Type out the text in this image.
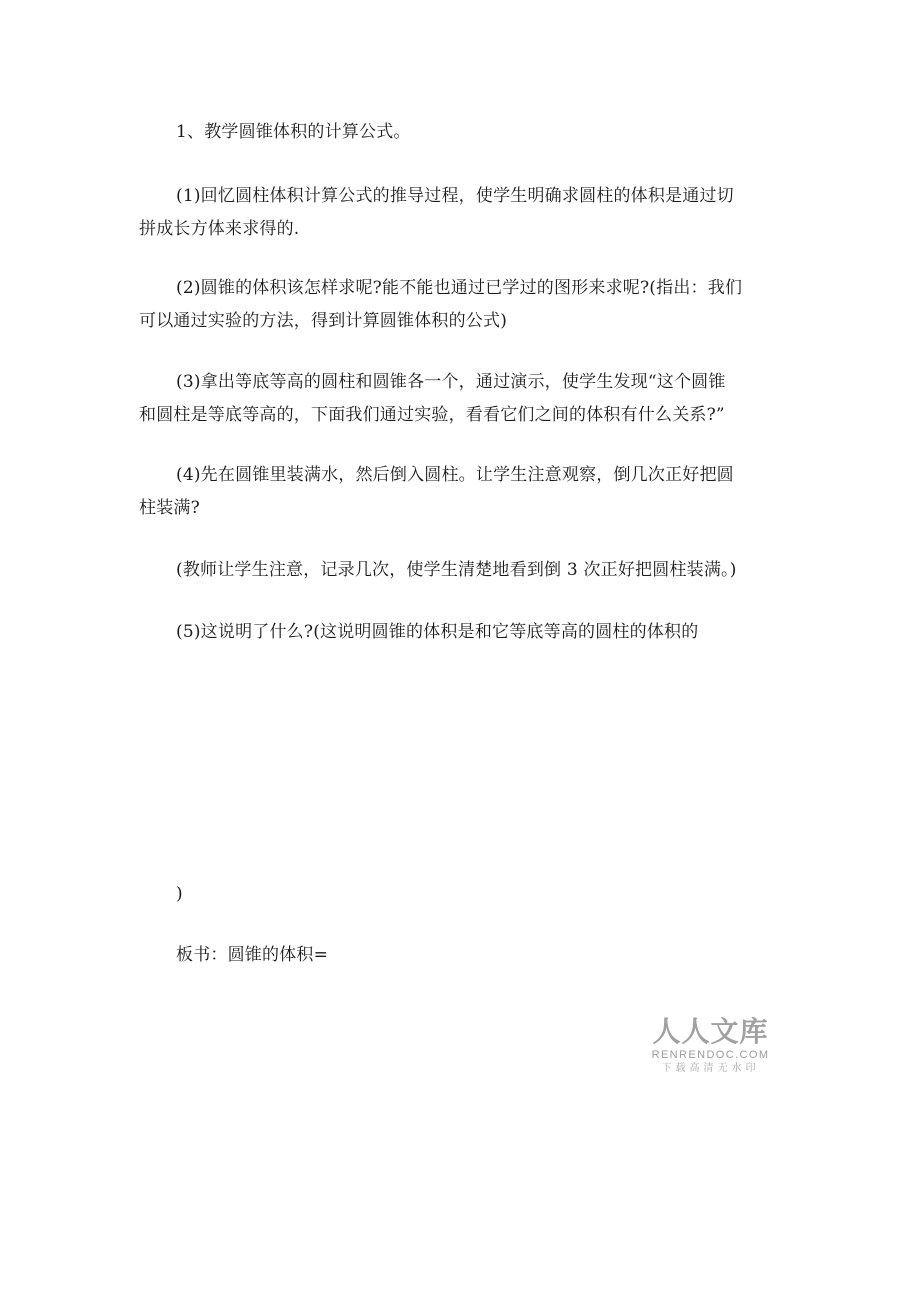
1、教学圆锥体积的计算公式。
(1)回忆圆柱体积计算公式的推导过程，使学生明确求圆柱的体积是通过切
拼成长方体来求得的.
(2)圆锥的体积该怎样求呢?能不能也通过已学过的图形来求呢?(指出：我们
可以通过实验的方法，得到计算圆锥体积的公式)
(3)拿出等底等高的圆柱和圆锥各一个，通过演示，使学生发现“这个圆锥
和圆柱是等底等高的，下面我们通过实验，看看它们之间的体积有什么关系?”
(4)先在圆锥里装满水，然后倒入圆柱。让学生注意观察，倒几次正好把圆
柱装满?
(教师让学生注意，记录几次，使学生清楚地看到倒 3 次正好把圆柱装满。)
(5)这说明了什么?(这说明圆锥的体积是和它等底等高的圆柱的体积的
)
板书：圆锥的体积=
人人文库
RENRENDOC.COM
下载高清无水印
